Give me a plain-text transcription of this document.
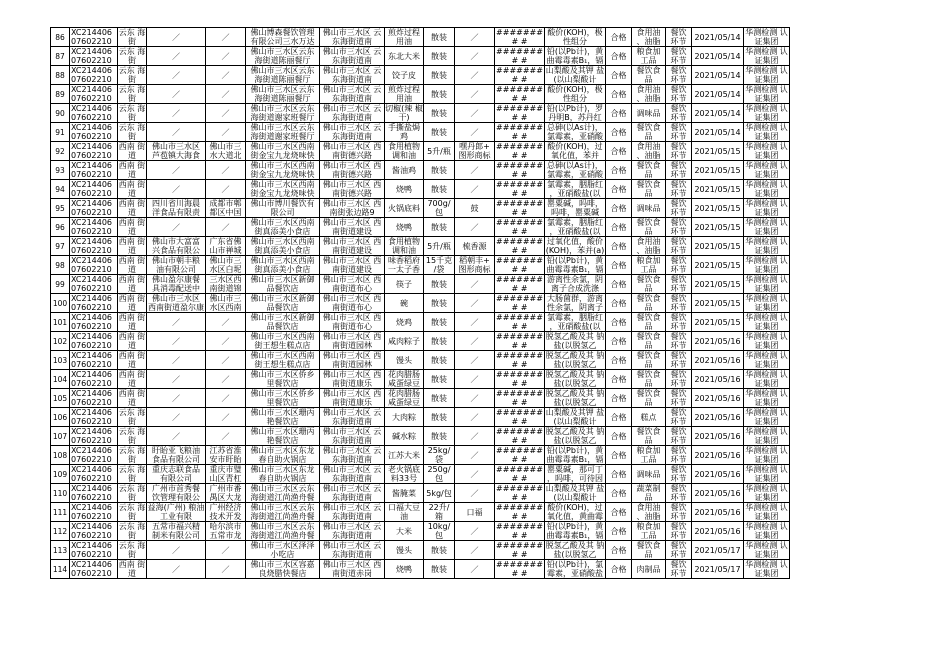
86	XC214406 07602210	云东 海街	／	／	佛山博森餐饮管理 有限公司三水万达	佛山市三水区 云东海街道南	煎炸过程 用油	散装	／	######## #	酸价(KOH)，极 性组分	合格	食用油 、油脂	餐饮 环节	2021/05/14	华测检测 认证集团
87	XC214406 07602210	云东 海街	／	／	佛山市三水区云东 海街道陈丽餐厅	佛山市三水区 云东海街道南	东北大米	散装	／	######## #	铅(以Pb计)，黄 曲霉毒素B₁，镉	合格	粮食加 工品	餐饮 环节	2021/05/14	华测检测 认证集团
88	XC214406 07602210	云东 海街	／	／	佛山市三水区云东 海街道陈丽餐厅	佛山市三水区 云东海街道南	饺子皮	散装	／	######## #	山梨酸及其钾 盐(以山梨酸计	合格	餐饮食 品	餐饮 环节	2021/05/14	华测检测 认证集团
89	XC214406 07602210	云东 海街	／	／	佛山市三水区云东 海街道陈丽餐厅	佛山市三水区 云东海街道南	煎炸过程 用油	散装	／	######## #	酸价(KOH)，极 性组分	合格	食用油 、油脂	餐饮 环节	2021/05/14	华测检测 认证集团
90	XC214406 07602210	云东 海街	／	／	佛山市三水区云东 海街道谢家班餐厅	佛山市三水区 云东海街道南	切椒(辣 椒干)	散装	／	######## #	铅(以Pb计)，罗 丹明B，苏丹红	合格	调味品	餐饮 环节	2021/05/14	华测检测 认证集团
91	XC214406 07602210	云东 海街	／	／	佛山市三水区云东 海街道谢家班餐厅	佛山市三水区 云东海街道南	手撕盐焗 鸡	散装	／	######## #	总砷(以As计)， 氯霉素，亚硝酸	合格	餐饮食 品	餐饮 环节	2021/05/14	华测检测 认证集团
92	XC214406 07602210	西南 街道	佛山市三水区 芦苞镇大海食	佛山市三 水大道北	佛山市三水区西南 街金宝九龙烧味快	佛山市三水区 西南街德兴路	食用植物 调和油	5升/瓶	嘿丹郎+ 图形商标	######## #	酸价(KOH)，过 氧化值，苯并	合格	食用油 、油脂	餐饮 环节	2021/05/15	华测检测 认证集团
93	XC214406 07602210	西南 街道	／	／	佛山市三水区西南 街金宝九龙烧味快	佛山市三水区 西南街德兴路	酱油鸡	散装	／	######## #	总砷(以As计)， 氯霉素，亚硝酸	合格	餐饮食 品	餐饮 环节	2021/05/15	华测检测 认证集团
94	XC214406 07602210	西南 街道	／	／	佛山市三水区西南 街金宝九龙烧味快	佛山市三水区 西南街德兴路	烧鸭	散装	／	######## #	氯霉素，胭脂红 ，亚硝酸盐(以	合格	餐饮食 品	餐饮 环节	2021/05/15	华测检测 认证集团
95	XC214406 07602210	西南 街道	四川省川海晨 洋食品有限责	成都市郫 都区中国	佛山市博川餐饮有 限公司	佛山市三水区 西南街张边路9	火锅底料	700g/ 包	鼓	######## #	罂粟碱，吗啡， 吗啡，罂粟碱	合格	调味品	餐饮 环节	2021/05/15	华测检测 认证集团
96	XC214406 07602210	西南 街道	／	／	佛山市三水区西南 街真添美小食店	佛山市三水区 西南街道建设	烧鸭	散装	／	######## #	氯霉素，胭脂红 ，亚硝酸盐(以	合格	餐饮食 品	餐饮 环节	2021/05/15	华测检测 认证集团
97	XC214406 07602210	西南 街道	佛山市大富富 兴食品有限公	广东省佛 山市禅城	佛山市三水区西南 街真添美小食店	佛山市三水区 西南街道建设	食用植物 调和油	5升/瓶	梳香源	######## #	过氧化值，酸价 (KOH)，苯并(a)	合格	食用油 、油脂	餐饮 环节	2021/05/15	华测检测 认证集团
98	XC214406 07602210	西南 街道	佛山市朝丰粮 油有限公司	佛山市三 水区白坭	佛山市三水区西南 街真添美小食店	佛山市三水区 西南街道建设	味香稻府 一太子香	15千克 /袋	稻朝丰+ 图形商标	######## #	铅(以Pb计)，黄 曲霉毒素B₁，镉	合格	粮食加 工品	餐饮 环节	2021/05/15	华测检测 认证集团
99	XC214406 07602210	西南 街道	佛山盈尔康餐 具消毒配送中	三水区西 南街道锦	佛山市三水区新御 品餐饮店	佛山市三水区 西南街道布心	筷子	散装	／	######## #	游离性余氯，阴 离子合成洗涤	合格	餐饮食 品	餐饮 环节	2021/05/15	华测检测 认证集团
100	XC214406 07602210	西南 街道	佛山市三水区 西南街道盈尔康	佛山市三 水区西南	佛山市三水区新御 品餐饮店	佛山市三水区 西南街道布心	碗	散装	／	######## #	大肠菌群，游离 性余氯，阴离子	合格	餐饮食 品	餐饮 环节	2021/05/15	华测检测 认证集团
101	XC214406 07602210	西南 街道	／	／	佛山市三水区新御 品餐饮店	佛山市三水区 西南街道布心	烧鸡	散装	／	######## #	氯霉素，胭脂红 ，亚硝酸盐(以	合格	餐饮食 品	餐饮 环节	2021/05/15	华测检测 认证集团
102	XC214406 07602210	西南 街道	／	／	佛山市三水区西南 街王想生糕点店	佛山市三水区 西南街道园林	咸肉粽子	散装	／	######## #	脱氢乙酸及其 钠盐(以脱氢乙	合格	餐饮食 品	餐饮 环节	2021/05/16	华测检测 认证集团
103	XC214406 07602210	西南 街道	／	／	佛山市三水区西南 街王想生糕点店	佛山市三水区 西南街道园林	馒头	散装	／	######## #	脱氢乙酸及其 钠盐(以脱氢乙	合格	餐饮食 品	餐饮 环节	2021/05/16	华测检测 认证集团
104	XC214406 07602210	西南 街道	／	／	佛山市三水区侨乡 里餐饮店	佛山市三水区 西南街道康乐	花肉腊肠 咸蛋绿豆	散装	／	######## #	脱氢乙酸及其 钠盐(以脱氢乙	合格	餐饮食 品	餐饮 环节	2021/05/16	华测检测 认证集团
105	XC214406 07602210	西南 街道	／	／	佛山市三水区侨乡 里餐饮店	佛山市三水区 西南街道康乐	花肉腊肠 咸蛋绿豆	散装	／	######## #	脱氢乙酸及其 钠盐(以脱氢乙	合格	餐饮食 品	餐饮 环节	2021/05/16	华测检测 认证集团
106	XC214406 07602210	云东 海街	／	／	佛山市三水区珊丙 艳餐饮店	佛山市三水区 云东海街道南	大肉粽	散装	／	######## #	山梨酸及其钾 盐(以山梨酸计	合格	糕点	餐饮 环节	2021/05/16	华测检测 认证集团
107	XC214406 07602210	云东 海街	／	／	佛山市三水区珊丙 艳餐饮店	佛山市三水区 云东海街道南	碱水粽	散装	／	######## #	脱氢乙酸及其 钠盐(以脱氢乙	合格	餐饮食 品	餐饮 环节	2021/05/16	华测检测 认证集团
108	XC214406 07602210	云东 海街	盱眙亚飞粮油 食品有限公司	江苏省淮 安市盱眙	佛山市三水区东龙 春自助火锅店	佛山市三水区 云东海街道南	江苏大米	25kg/ 袋	／	######## #	铅(以Pb计)，黄 曲霉毒素B₁，镉	合格	粮食加 工品	餐饮 环节	2021/05/16	华测检测 认证集团
109	XC214406 07602210	云东 海街	重庆志联食品 有限公司	重庆市璧 山区青杠	佛山市三水区东龙 春自助火锅店	佛山市三水区 云东海街道南	老火锅底 料33号	250g/ 包	／	######## #	罂粟碱，那可丁 ，吗啡，可待因	合格	调味品	餐饮 环节	2021/05/16	华测检测 认证集团
110	XC214406 07602210	云东 海街	广州市首秀餐 饮管理有限公	广州市番 禺区大龙	佛山市三水区云东 海街道江尚渔舟餐	佛山市三水区 云东海街道南	酱腌菜	5kg/包	／	######## #	山梨酸及其钾 盐(以山梨酸计	合格	蔬菜制 品	餐饮 环节	2021/05/16	华测检测 认证集团
111	XC214406 07602210	云东 海街	益海(广州) 粮油工业有限	广州经济 技术开发	佛山市三水区云东 海街道江尚渔舟餐	佛山市三水区 云东海街道南	口福大豆 油	22升/ 箱	口福	######## #	酸价(KOH)，过 氧化值，黄曲霉	合格	食用油 、油脂	餐饮 环节	2021/05/16	华测检测 认证集团
112	XC214406 07602210	云东 海街	五常市福兴精 制米有限公司	哈尔滨市 五常市龙	佛山市三水区云东 海街道江尚渔舟餐	佛山市三水区 云东海街道南	大米	10kg/ 包	／	######## #	铅(以Pb计)，黄 曲霉毒素B₁，镉	合格	粮食加 工品	餐饮 环节	2021/05/16	华测检测 认证集团
113	XC214406 07602210	云东 海街	／	／	佛山市三水区泽泽 小吃店	佛山市三水区 云东海街道南	馒头	散装	／	######## #	脱氢乙酸及其 钠盐(以脱氢乙	合格	餐饮食 品	餐饮 环节	2021/05/17	华测检测 认证集团
114	XC214406 07602210	西南 街道	／	／	佛山市三水区容嘉 良烧腊快餐店	佛山市三水区 西南街道赤岗	烧鸭	散装	／	######## #	铅(以Pb计)，氯 霉素，亚硝酸盐	合格	肉制品	餐饮 环节	2021/05/17	华测检测 认证集团
